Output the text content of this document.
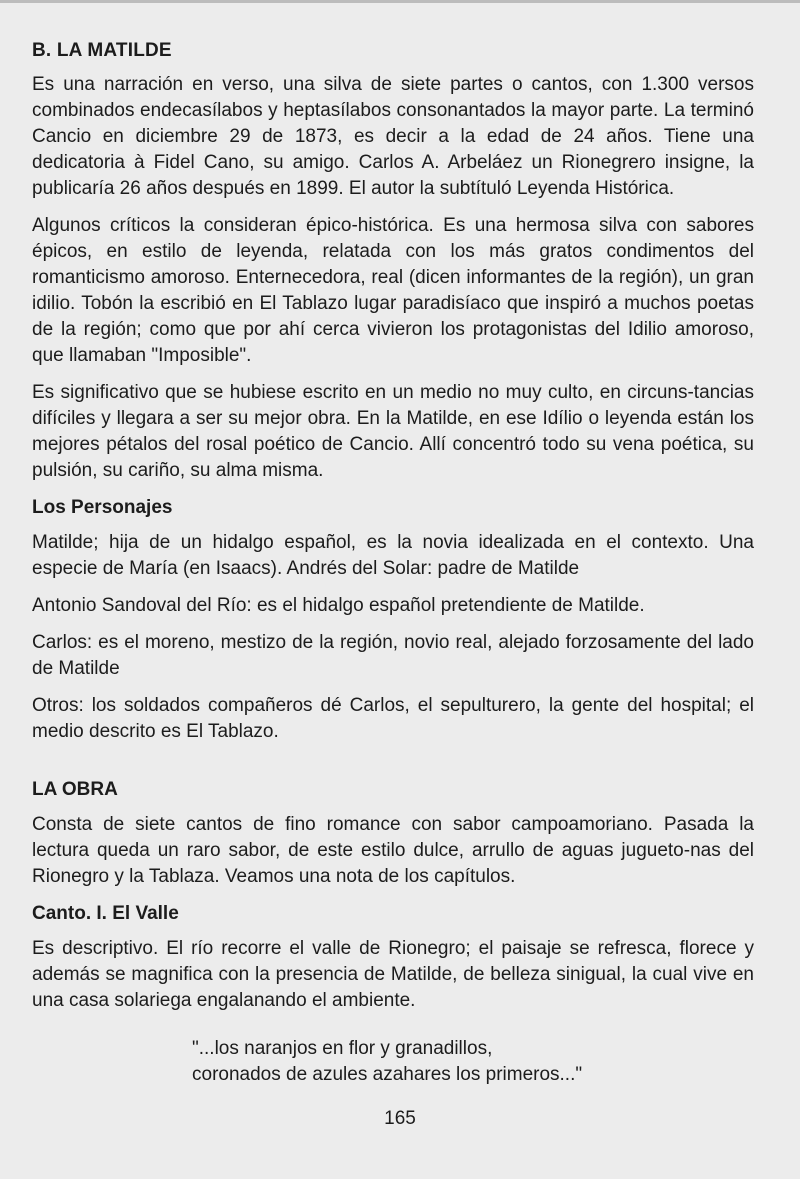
B. LA MATILDE

Es una narración en verso, una silva de siete partes o cantos, con 1.300 versos combinados endecasílabos y heptasílabos consonantados la mayor parte. La terminó Cancio en diciembre 29 de 1873, es decir a la edad de 24 años. Tiene una dedicatoria à Fidel Cano, su amigo. Carlos A. Arbeláez un Rionegrero insigne, la publicaría 26 años después en 1899. El autor la subtítuló Leyenda Histórica.

Algunos críticos la consideran épico-histórica. Es una hermosa silva con sabores épicos, en estilo de leyenda, relatada con los más gratos condimentos del romanticismo amoroso. Enternecedora, real (dicen informantes de la región), un gran idilio. Tobón la escribió en El Tablazo lugar paradisíaco que inspiró a muchos poetas de la región; como que por ahí cerca vivieron los protagonistas del Idilio amoroso, que llamaban "Imposible".

Es significativo que se hubiese escrito en un medio no muy culto, en circuns-tancias difíciles y llegara a ser su mejor obra. En la Matilde, en ese Idílio o leyenda están los mejores pétalos del rosal poético de Cancio. Allí concentró todo su vena poética, su pulsión, su cariño, su alma misma.

Los Personajes

Matilde; hija de un hidalgo español, es la novia idealizada en el contexto. Una especie de María (en Isaacs). Andrés del Solar: padre de Matilde

Antonio Sandoval del Río: es el hidalgo español pretendiente de Matilde.

Carlos: es el moreno, mestizo de la región, novio real, alejado forzosamente del lado de Matilde

Otros: los soldados compañeros dé Carlos, el sepulturero, la gente del hospital; el medio descrito es El Tablazo.

LA OBRA

Consta de siete cantos de fino romance con sabor campoamoriano. Pasada la lectura queda un raro sabor, de este estilo dulce, arrullo de aguas jugueto-nas del Rionegro y la Tablaza. Veamos una nota de los capítulos.

Canto. I. El Valle

Es descriptivo. El río recorre el valle de Rionegro; el paisaje se refresca, florece y además se magnifica con la presencia de Matilde, de belleza sinigual, la cual vive en una casa solariega engalanando el ambiente.

"...los naranjos en flor y granadillos,
coronados de azules azahares los primeros..."
165
